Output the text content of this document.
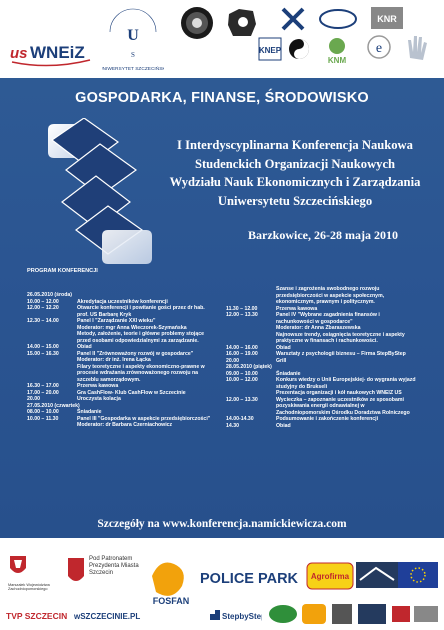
us WNEiZ
U
S
UNIWERSYTET SZCZECIŃSKI
KNEP
KNM
KNR
e
GOSPODARKA, FINANSE, ŚRODOWISKO
I Interdyscyplinarna Konferencja Naukowa
Studenckich Organizacji Naukowych
Wydziału Nauk Ekonomicznych i Zarządzania
Uniwersytetu Szczecińskiego
Barzkowice, 26-28 maja 2010
PROGRAM KONFERENCJI
26.05.2010 (środa)

10.00 – 12.00	Akredytacja uczestników konferencji
12.00 – 12.20	Otwarcie konferencji i powitanie gości przez dr hab. prof. US Barbarę Kryk
12.30 – 14.00	Panel I "Zarządzanie XXI wieku"
Moderator: mgr Anna Wieczorek-Szymańska
Metody, założenie, teorie i główne problemy stojące przed osobami odpowiedzialnymi za zarządzanie.
14.00 – 15.00	Obiad
15.00 – 16.30	Panel II "Zrównoważony rozwój w gospodarce"
Moderator: dr inż. Irena Łącka
Filary teoretyczne i aspekty ekonomiczno-prawne w procesie wdrażania zrównoważonego rozwoju na szczeblu samorządowym.
16.30 – 17.00	Przerwa kawowa
17.00 – 20.00	Gra CashFlow- Klub CashFlow w Szczecinie
20.00	Uroczysta kolacja
27.05.2010 (czwartek)

08.00 – 10.00	Śniadanie
10.00 – 11.30	Panel III "Gospodarka w aspekcie przedsiębiorczości"
Moderator: dr Barbara Czerniachowicz
Szanse i zagrożenia swobodnego rozwoju przedsiębiorczości w aspekcie społecznym, ekonomicznym, prawnym i politycznym.
11.30 – 12.00	Przerwa kawowa
12.00 – 13.30	Panel IV "Wybrane zagadnienia finansów i rachunkowości w gospodarce"
Moderator: dr Anna Zbaraszewska
Najnowsze trendy, osiągnięcia teoretyczne i aspekty praktyczne w finansach i rachunkowości.
14.00 – 16.00	Obiad
16.00 – 19.00	Warsztaty z psychologii biznesu – Firma StepByStep
20.00	Grill
28.05.2010 (piątek)

09.00 – 10.00	Śniadanie
10.00 – 12.00	Konkurs wiedzy o Unii Europejskiej- do wygrania wyjazd studyjny do Brukseli
Prezentacja organizacji i kół naukowych WNEIZ US
12.00 – 13.30	Wycieczka – zapoznanie uczestników ze sposobami pozyskiwania energii odnawialnej w Zachodniopomorskim Ośrodku Doradztwa Rolniczego
14.00-14.30	Podsumowanie i zakończenie konferencji
14.30	Obiad
Szczegóły na www.konferencja.namickiewicza.com
Marszałek Województwa Zachodniopomorskiego
Pod Patronatem Prezydenta Miasta Szczecin
FOSFAN
POLICE PARK Agrofirma
TVP SZCZECIN wSZCZECINIE.PL	StepbyStep
